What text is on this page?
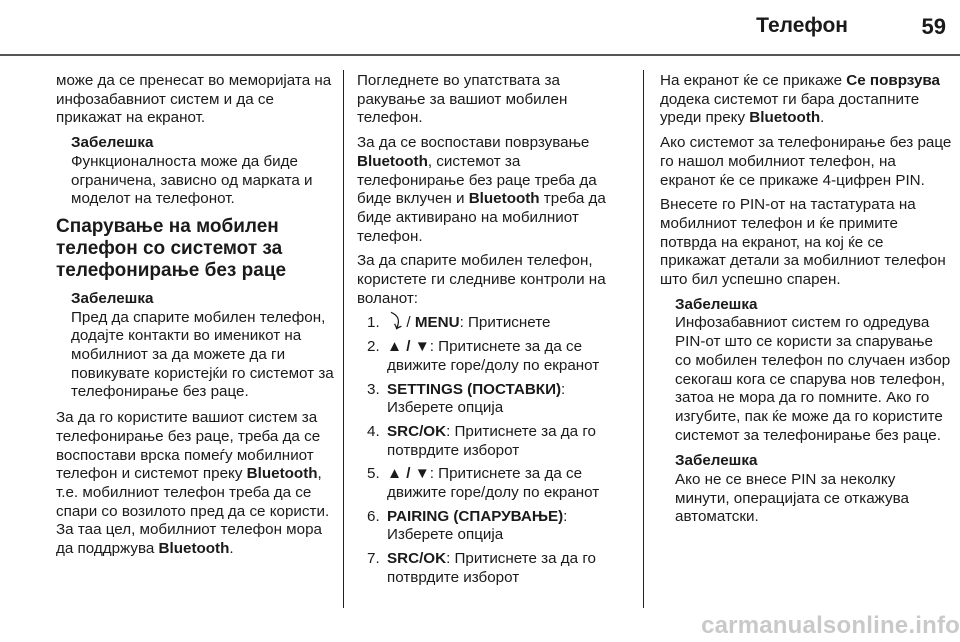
Телефон	59

може да се пренесат во меморијата на инфозабавниот систем и да се прикажат на екранот.

Забелешка
Функционалноста може да биде ограничена, зависно од марката и моделот на телефонот.
Спарување на мобилен телефон со системот за телефонирање без раце
Забелешка
Пред да спарите мобилен телефон, додајте контакти во именикот на мобилниот за да можете да ги повикувате користејќи го системот за телефонирање без раце.

За да го користите вашиот систем за телефонирање без раце, треба да се воспостави врска помеѓу мобилниот телефон и системот преку Bluetooth, т.е. мобилниот телефон треба да се спари со возилото пред да се користи. За таа цел, мобилниот телефон мора да поддржува Bluetooth.

Погледнете во упатствата за ракување за вашиот мобилен телефон.

За да се воспостави поврзување Bluetooth, системот за телефонирање без раце треба да биде вклучен и Bluetooth треба да биде активирано на мобилниот телефон.

За да спарите мобилен телефон, користете ги следниве контроли на воланот:

1. ⤵ / MENU: Притиснете
2. ▲ / ▼: Притиснете за да се движите горе/долу по екранот
3. SETTINGS (ПОСТАВКИ): Изберете опција
4. SRC/OK: Притиснете за да го потврдите изборот
5. ▲ / ▼: Притиснете за да се движите горе/долу по екранот
6. PAIRING (СПАРУВАЊЕ): Изберете опција
7. SRC/OK: Притиснете за да го потврдите изборот

На екранот ќе се прикаже Се поврзува додека системот ги бара достапните уреди преку Bluetooth.

Ако системот за телефонирање без раце го нашол мобилниот телефон, на екранот ќе се прикаже 4-цифрен PIN.

Внесете го PIN-от на тастатурата на мобилниот телефон и ќе примите потврда на екранот, на кој ќе се прикажат детали за мобилниот телефон што бил успешно спарен.

Забелешка
Инфозабавниот систем го одредува PIN-от што се користи за спарување со мобилен телефон по случаен избор секогаш кога се спарува нов телефон, затоа не мора да го помните. Ако го изгубите, пак ќе може да го користите системот за телефонирање без раце.
Забелешка
Ако не се внесе PIN за неколку минути, операцијата се откажува автоматски.
carmanualsonline.info
